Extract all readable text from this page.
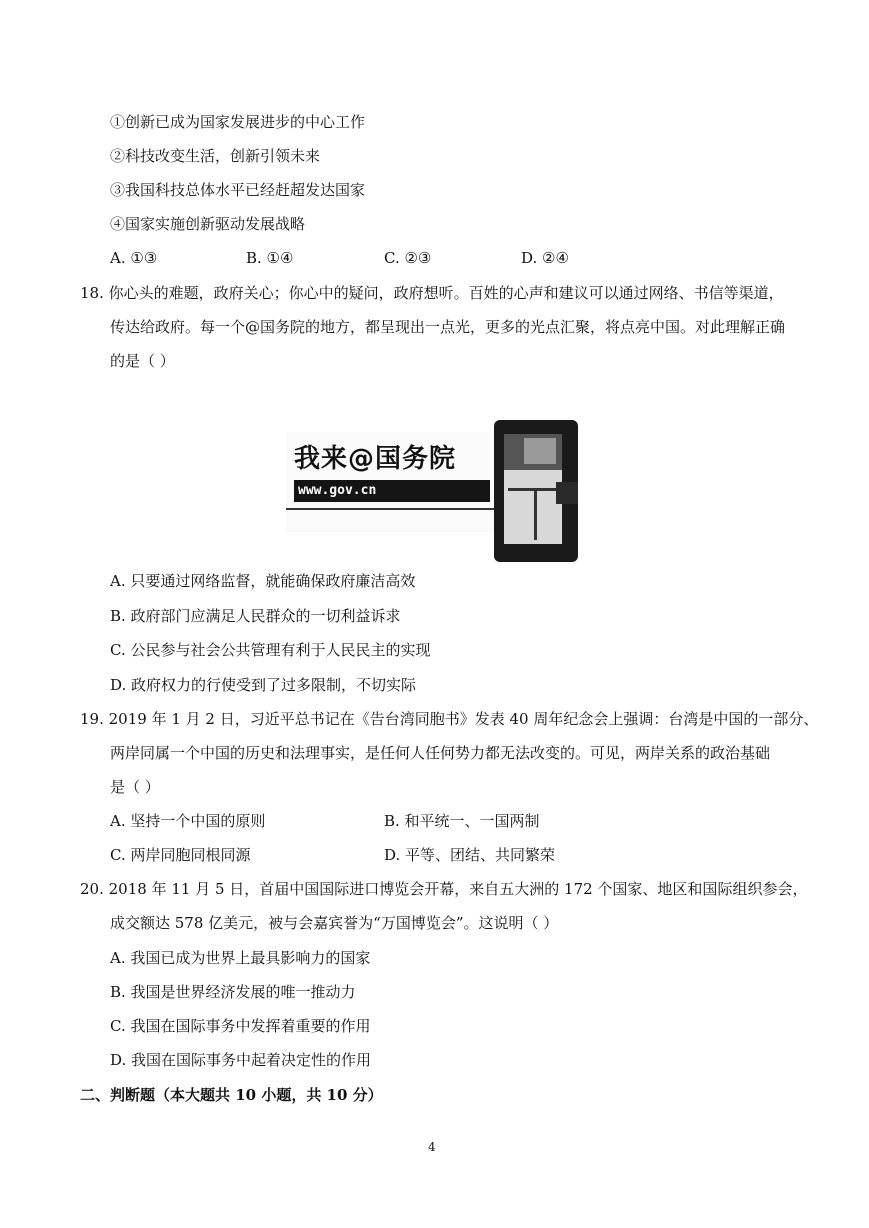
①创新已成为国家发展进步的中心工作
②科技改变生活，创新引领未来
③我国科技总体水平已经赶超发达国家
④国家实施创新驱动发展战略
A. ①③	B. ①④	C. ②③	D. ②④
18. 你心头的难题，政府关心；你心中的疑问，政府想听。百姓的心声和建议可以通过网络、书信等渠道，
传达给政府。每一个@国务院的地方，都呈现出一点光，更多的光点汇聚，将点亮中国。对此理解正确
的是（ ）
我来@国务院
www.gov.cn
A. 只要通过网络监督，就能确保政府廉洁高效
B. 政府部门应满足人民群众的一切利益诉求
C. 公民参与社会公共管理有利于人民民主的实现
D. 政府权力的行使受到了过多限制，不切实际
19. 2019 年 1 月 2 日，习近平总书记在《告台湾同胞书》发表 40 周年纪念会上强调：台湾是中国的一部分、
两岸同属一个中国的历史和法理事实，是任何人任何势力都无法改变的。可见，两岸关系的政治基础
是（ ）
A. 坚持一个中国的原则	B. 和平统一、一国两制
C. 两岸同胞同根同源	D. 平等、团结、共同繁荣
20. 2018 年 11 月 5 日，首届中国国际进口博览会开幕，来自五大洲的 172 个国家、地区和国际组织参会，
成交额达 578 亿美元，被与会嘉宾誉为“万国博览会”。这说明（ ）
A. 我国已成为世界上最具影响力的国家
B. 我国是世界经济发展的唯一推动力
C. 我国在国际事务中发挥着重要的作用
D. 我国在国际事务中起着决定性的作用
二、判断题（本大题共 10 小题，共 10 分）
4
